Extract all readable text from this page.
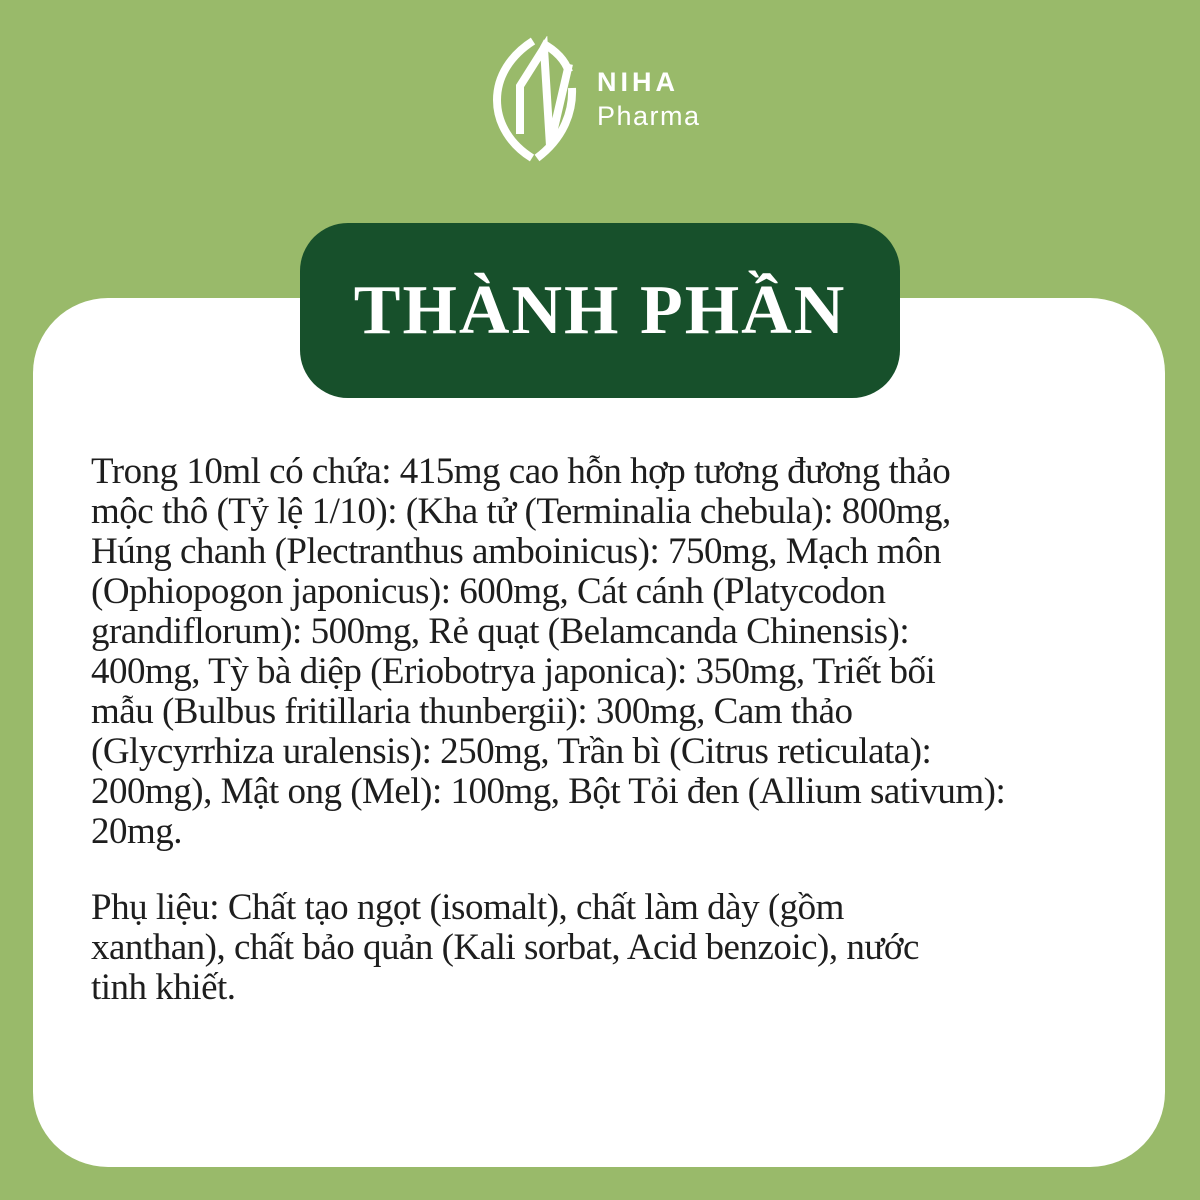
NIHA
Pharma
THÀNH PHẦN
Trong 10ml có chứa: 415mg cao hỗn hợp tương đương thảo
mộc thô (Tỷ lệ 1/10): (Kha tử (Terminalia chebula): 800mg,
Húng chanh (Plectranthus amboinicus): 750mg, Mạch môn
(Ophiopogon japonicus): 600mg, Cát cánh (Platycodon
grandiflorum): 500mg, Rẻ quạt (Belamcanda Chinensis):
400mg, Tỳ bà diệp (Eriobotrya japonica): 350mg, Triết bối
mẫu (Bulbus fritillaria thunbergii): 300mg, Cam thảo
(Glycyrrhiza uralensis): 250mg, Trần bì (Citrus reticulata):
200mg), Mật ong (Mel): 100mg, Bột Tỏi đen (Allium sativum):
20mg.
Phụ liệu: Chất tạo ngọt (isomalt), chất làm dày (gồm
xanthan), chất bảo quản (Kali sorbat, Acid benzoic), nước
tinh khiết.
